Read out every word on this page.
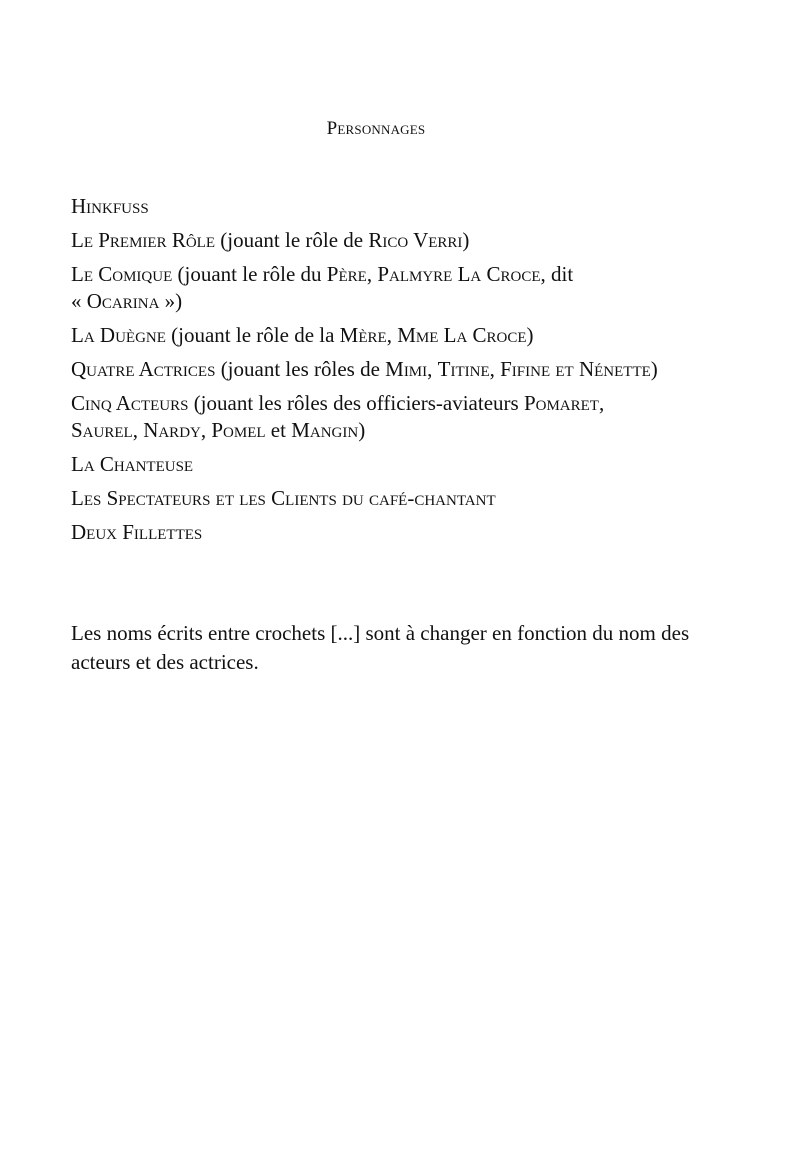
Personnages
Hinkfuss
Le Premier Rôle (jouant le rôle de Rico Verri)
Le Comique (jouant le rôle du Père, Palmyre La Croce, dit
« Ocarina »)
La Duègne (jouant le rôle de la Mère, Mme La Croce)
Quatre Actrices (jouant les rôles de Mimi, Titine, Fifine et Nénette)
Cinq Acteurs (jouant les rôles des officiers-aviateurs Pomaret, Saurel, Nardy, Pomel et Mangin)
La Chanteuse
Les Spectateurs et les Clients du café-chantant
Deux Fillettes

Les noms écrits entre crochets [...] sont à changer en fonction du nom des acteurs et des actrices.
